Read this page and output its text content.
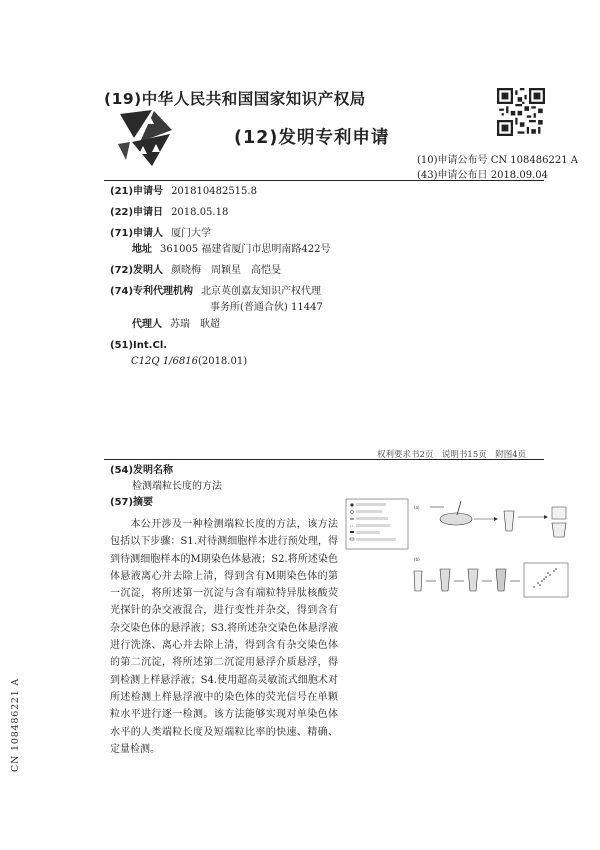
(19)中华人民共和国国家知识产权局
(12)发明专利申请
(10)申请公布号 CN 108486221 A
(43)申请公布日 2018.09.04
(21)申请号 201810482515.8
(22)申请日 2018.05.18
(71)申请人 厦门大学
地址 361005 福建省厦门市思明南路422号
(72)发明人 颜晓梅　周颖星　高恺旻
(74)专利代理机构 北京英创嘉友知识产权代理
事务所(普通合伙) 11447
代理人 苏瑞　耿超
(51)Int.Cl.
C12Q 1/6816(2018.01)
权利要求书2页　说明书15页　附图4页
(54)发明名称
检测端粒长度的方法
(57)摘要
本公开涉及一种检测端粒长度的方法，该方法包括以下步骤：S1.对待测细胞样本进行预处理，得到待测细胞样本的M期染色体悬液；S2.将所述染色体悬液离心并去除上清，得到含有M期染色体的第一沉淀，将所述第一沉淀与含有端粒特异肽核酸荧光探针的杂交液混合，进行变性并杂交，得到含有杂交染色体的悬浮液；S3.将所述杂交染色体悬浮液进行洗涤、离心并去除上清，得到含有杂交染色体的第二沉淀，将所述第二沉淀用悬浮介质悬浮，得到检测上样悬浮液；S4.使用超高灵敏流式细胞术对所述检测上样悬浮液中的染色体的荧光信号在单颗粒水平进行逐一检测。该方法能够实现对单染色体水平的人类端粒长度及短端粒比率的快速、精确、定量检测。
(a)
(b)
CN 108486221 A
